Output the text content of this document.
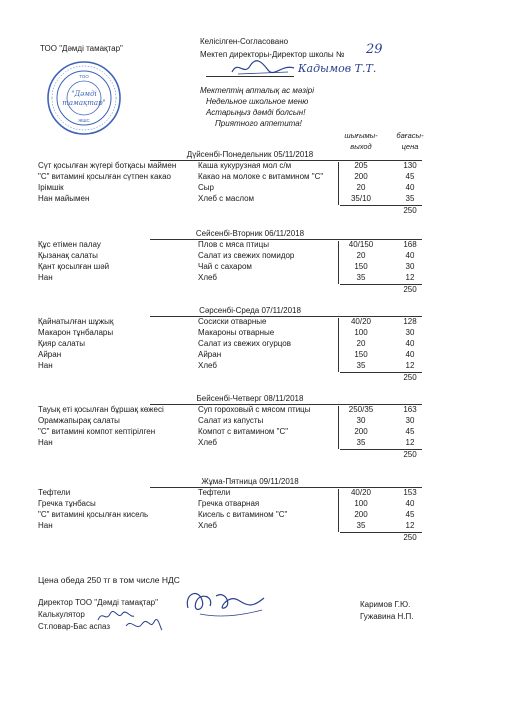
ТОО "Дәмді тамақтар"
Келісілген-Согласовано
Мектеп директоры-Директор школы № 29
Кадымов Т.Т.
ТОО
"Дәмді
тамақтар"
ЖШС
Мектептің апталық ас мәзірі
Недельное школьное меню
Астарыңыз дәмді болсын!
Приятного аппетита!
шығымы-
выход
бағасы-
цена
Дүйсенбі-Понедельник 05/11/2018
Сүт қосылған жүгері ботқасы маймен	Каша кукурузная мол с/м	205	130
"С" витамині қосылған сүтпен какао	Какао на молоке с витамином "С"	200	45
Ірімшік	Сыр	20	40
Нан майымен	Хлеб с маслом	35/10	35
250
Сейсенбі-Вторник 06/11/2018
Құс етімен палау	Плов с мяса птицы	40/150	168
Қызанақ салаты	Салат из свежих помидор	20	40
Қант қосылған шәй	Чай с сахаром	150	30
Нан	Хлеб	35	12
250
Сәрсенбі-Среда 07/11/2018
Қайнатылған шұжық	Сосиски отварные	40/20	128
Макарон тұнбалары	Макароны отварные	100	30
Қияр салаты	Салат из свежих огурцов	20	40
Айран	Айран	150	40
Нан	Хлеб	35	12
250
Бейсенбі-Четверг 08/11/2018
Тауық еті қосылған бұршақ көжесі	Суп гороховый с мясом птицы	250/35	163
Орамжапырақ салаты	Салат из капусты	30	30
"С" витамині компот кептірілген	Компот с витамином "С"	200	45
Нан	Хлеб	35	12
250
Жұма-Пятница 09/11/2018
Тефтели	Тефтели	40/20	153
Гречка тұнбасы	Гречка отварная	100	40
"С" витамині қосылған кисель	Кисель с витамином "С"	200	45
Нан	Хлеб	35	12
250
Цена обеда 250 тг в том числе НДС
Директор ТОО "Дәмді тамақтар"
Калькулятор
Ст.повар-Бас аспаз
Каримов Г.Ю.
Гужавина Н.П.
